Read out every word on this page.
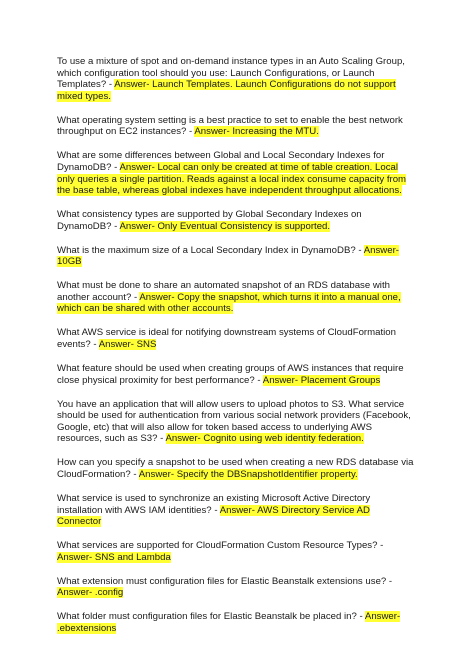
To use a mixture of spot and on-demand instance types in an Auto Scaling Group, which configuration tool should you use: Launch Configurations, or Launch Templates? - Answer- Launch Templates. Launch Configurations do not support mixed types.

What operating system setting is a best practice to set to enable the best network throughput on EC2 instances? - Answer- Increasing the MTU.

What are some differences between Global and Local Secondary Indexes for DynamoDB? - Answer- Local can only be created at time of table creation. Local only queries a single partition. Reads against a local index consume capacity from the base table, whereas global indexes have independent throughput allocations.

What consistency types are supported by Global Secondary Indexes on DynamoDB? - Answer- Only Eventual Consistency is supported.

What is the maximum size of a Local Secondary Index in DynamoDB? - Answer- 10GB

What must be done to share an automated snapshot of an RDS database with another account? - Answer- Copy the snapshot, which turns it into a manual one, which can be shared with other accounts.

What AWS service is ideal for notifying downstream systems of CloudFormation events? - Answer- SNS

What feature should be used when creating groups of AWS instances that require close physical proximity for best performance? - Answer- Placement Groups

You have an application that will allow users to upload photos to S3. What service should be used for authentication from various social network providers (Facebook, Google, etc) that will also allow for token based access to underlying AWS resources, such as S3? - Answer- Cognito using web identity federation.

How can you specify a snapshot to be used when creating a new RDS database via CloudFormation? - Answer- Specify the DBSnapshotIdentifier property.

What service is used to synchronize an existing Microsoft Active Directory installation with AWS IAM identities? - Answer- AWS Directory Service AD Connector

What services are supported for CloudFormation Custom Resource Types? - Answer- SNS and Lambda

What extension must configuration files for Elastic Beanstalk extensions use? - Answer- .config

What folder must configuration files for Elastic Beanstalk be placed in? - Answer- .ebextensions
